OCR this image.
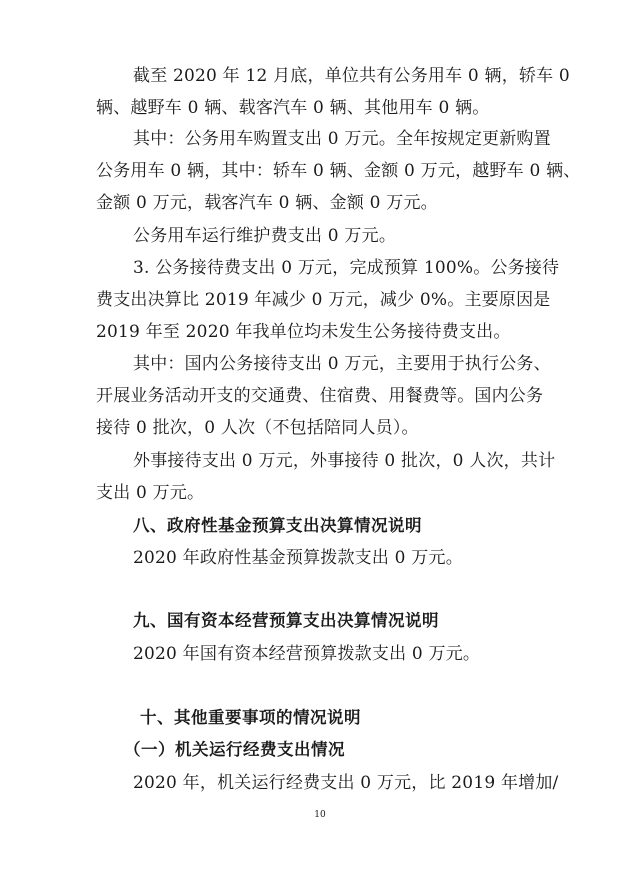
截至 2020 年 12 月底，单位共有公务用车 0 辆，轿车 0
辆、越野车 0 辆、载客汽车 0 辆、其他用车 0 辆。
其中：公务用车购置支出 0 万元。全年按规定更新购置
公务用车 0 辆，其中：轿车 0 辆、金额 0 万元，越野车 0 辆、
金额 0 万元，载客汽车 0 辆、金额 0 万元。
公务用车运行维护费支出 0 万元。
3. 公务接待费支出 0 万元，完成预算 100%。公务接待
费支出决算比 2019 年减少 0 万元，减少 0%。主要原因是
2019 年至 2020 年我单位均未发生公务接待费支出。
其中：国内公务接待支出 0 万元，主要用于执行公务、
开展业务活动开支的交通费、住宿费、用餐费等。国内公务
接待 0 批次，0 人次（不包括陪同人员）。
外事接待支出 0 万元，外事接待 0 批次，0 人次，共计
支出 0 万元。
八、政府性基金预算支出决算情况说明
2020 年政府性基金预算拨款支出 0 万元。
九、国有资本经营预算支出决算情况说明
2020 年国有资本经营预算拨款支出 0 万元。
十、其他重要事项的情况说明
（一）机关运行经费支出情况
2020 年，机关运行经费支出 0 万元，比 2019 年增加/
10
